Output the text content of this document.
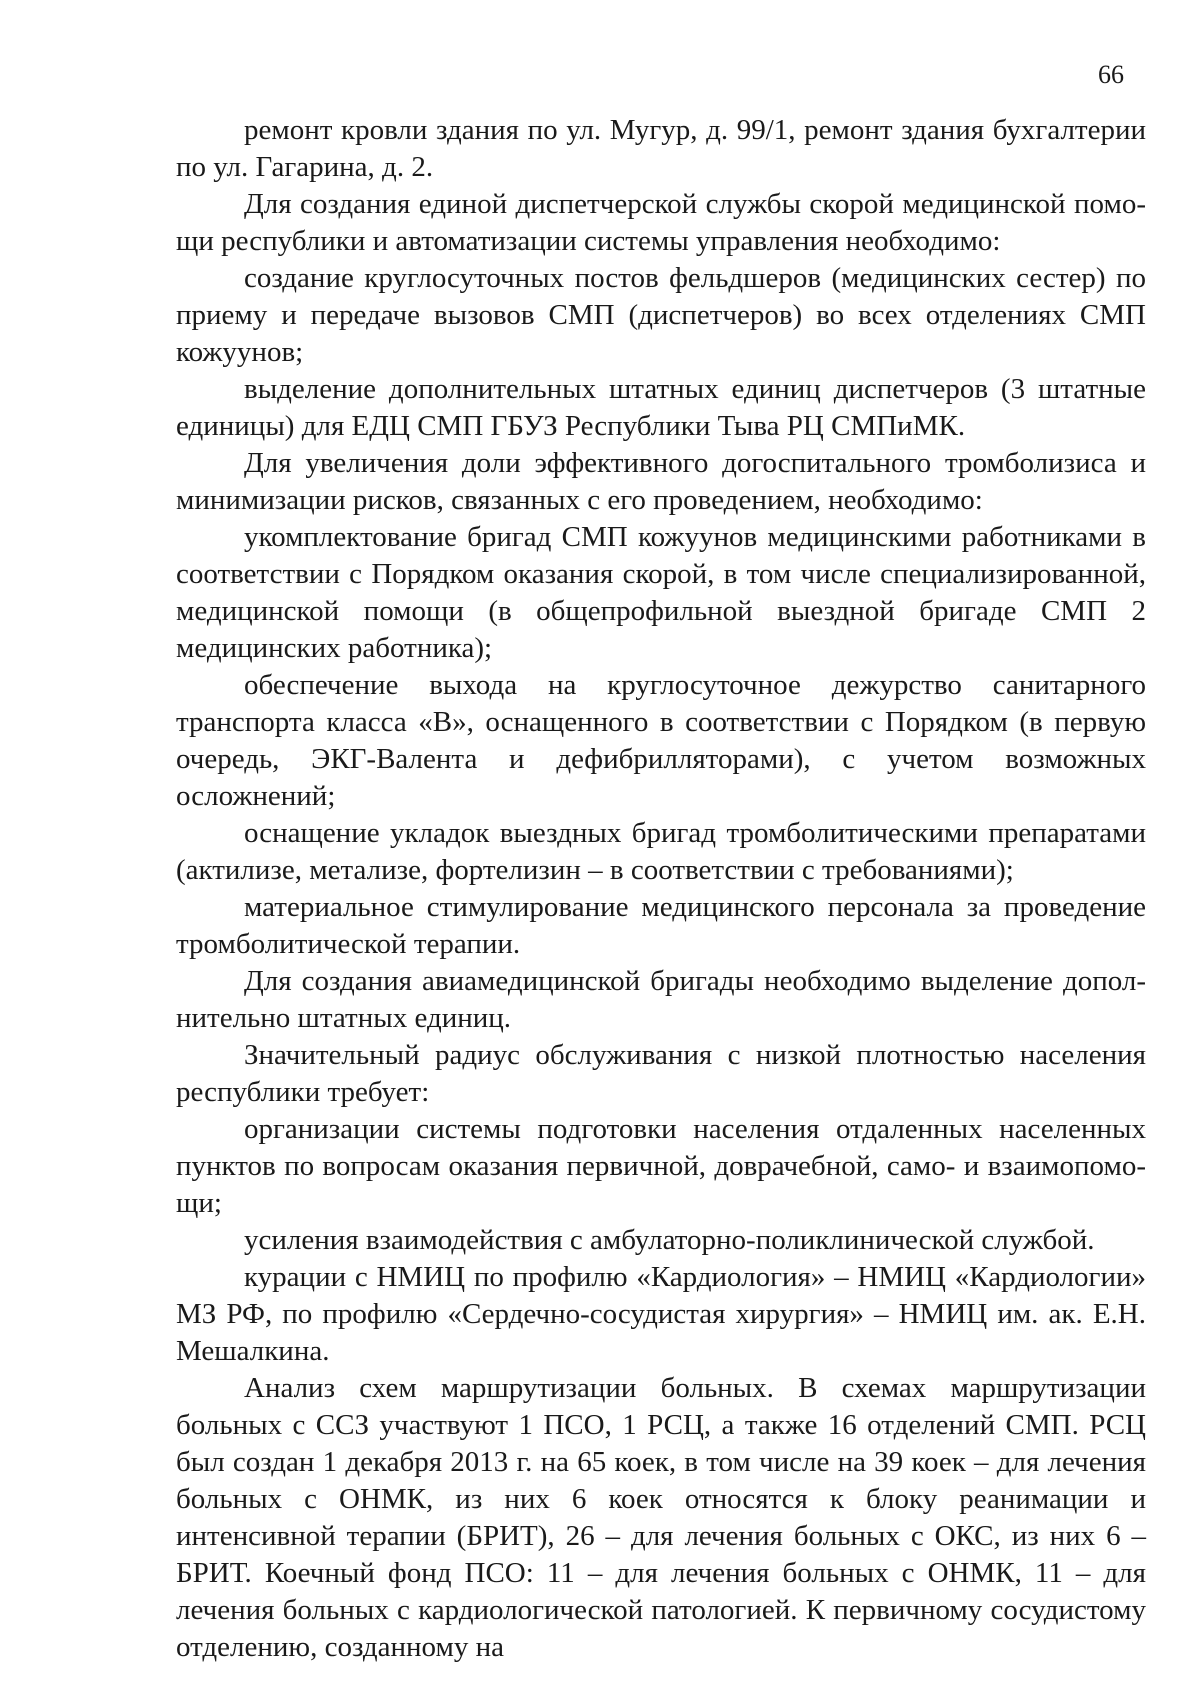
66

ремонт кровли здания по ул. Мугур, д. 99/1, ремонт здания бухгалтерии по ул. Гагарина, д. 2.

Для создания единой диспетчерской службы скорой медицинской помощи республики и автоматизации системы управления необходимо:

создание круглосуточных постов фельдшеров (медицинских сестер) по приему и передаче вызовов СМП (диспетчеров) во всех отделениях СМП кожуунов;

выделение дополнительных штатных единиц диспетчеров (3 штатные единицы) для ЕДЦ СМП ГБУЗ Республики Тыва РЦ СМПиМК.

Для увеличения доли эффективного догоспитального тромболизиса и минимизации рисков, связанных с его проведением, необходимо:

укомплектование бригад СМП кожуунов медицинскими работниками в соответствии с Порядком оказания скорой, в том числе специализированной, медицинской помощи (в общепрофильной выездной бригаде СМП 2 медицинских работника);

обеспечение выхода на круглосуточное дежурство санитарного транспорта класса «В», оснащенного в соответствии с Порядком (в первую очередь, ЭКГ-Валента и дефибрилляторами), с учетом возможных осложнений;

оснащение укладок выездных бригад тромболитическими препаратами (актилизе, метализе, фортелизин – в соответствии с требованиями);

материальное стимулирование медицинского персонала за проведение тромболитической терапии.

Для создания авиамедицинской бригады необходимо выделение дополнительно штатных единиц.

Значительный радиус обслуживания с низкой плотностью населения республики требует:

организации системы подготовки населения отдаленных населенных пунктов по вопросам оказания первичной, доврачебной, само- и взаимопомощи;

усиления взаимодействия с амбулаторно-поликлинической службой.

курации с НМИЦ по профилю «Кардиология» – НМИЦ «Кардиологии» МЗ РФ, по профилю «Сердечно-сосудистая хирургия» – НМИЦ им. ак. Е.Н. Мешалкина.

Анализ схем маршрутизации больных. В схемах маршрутизации больных с ССЗ участвуют 1 ПСО, 1 РСЦ, а также 16 отделений СМП. РСЦ был создан 1 декабря 2013 г. на 65 коек, в том числе на 39 коек – для лечения больных с ОНМК, из них 6 коек относятся к блоку реанимации и интенсивной терапии (БРИТ), 26 – для лечения больных с ОКС, из них 6 – БРИТ. Коечный фонд ПСО: 11 – для лечения больных с ОНМК, 11 – для лечения больных с кардиологической патологией. К первичному сосудистому отделению, созданному на
